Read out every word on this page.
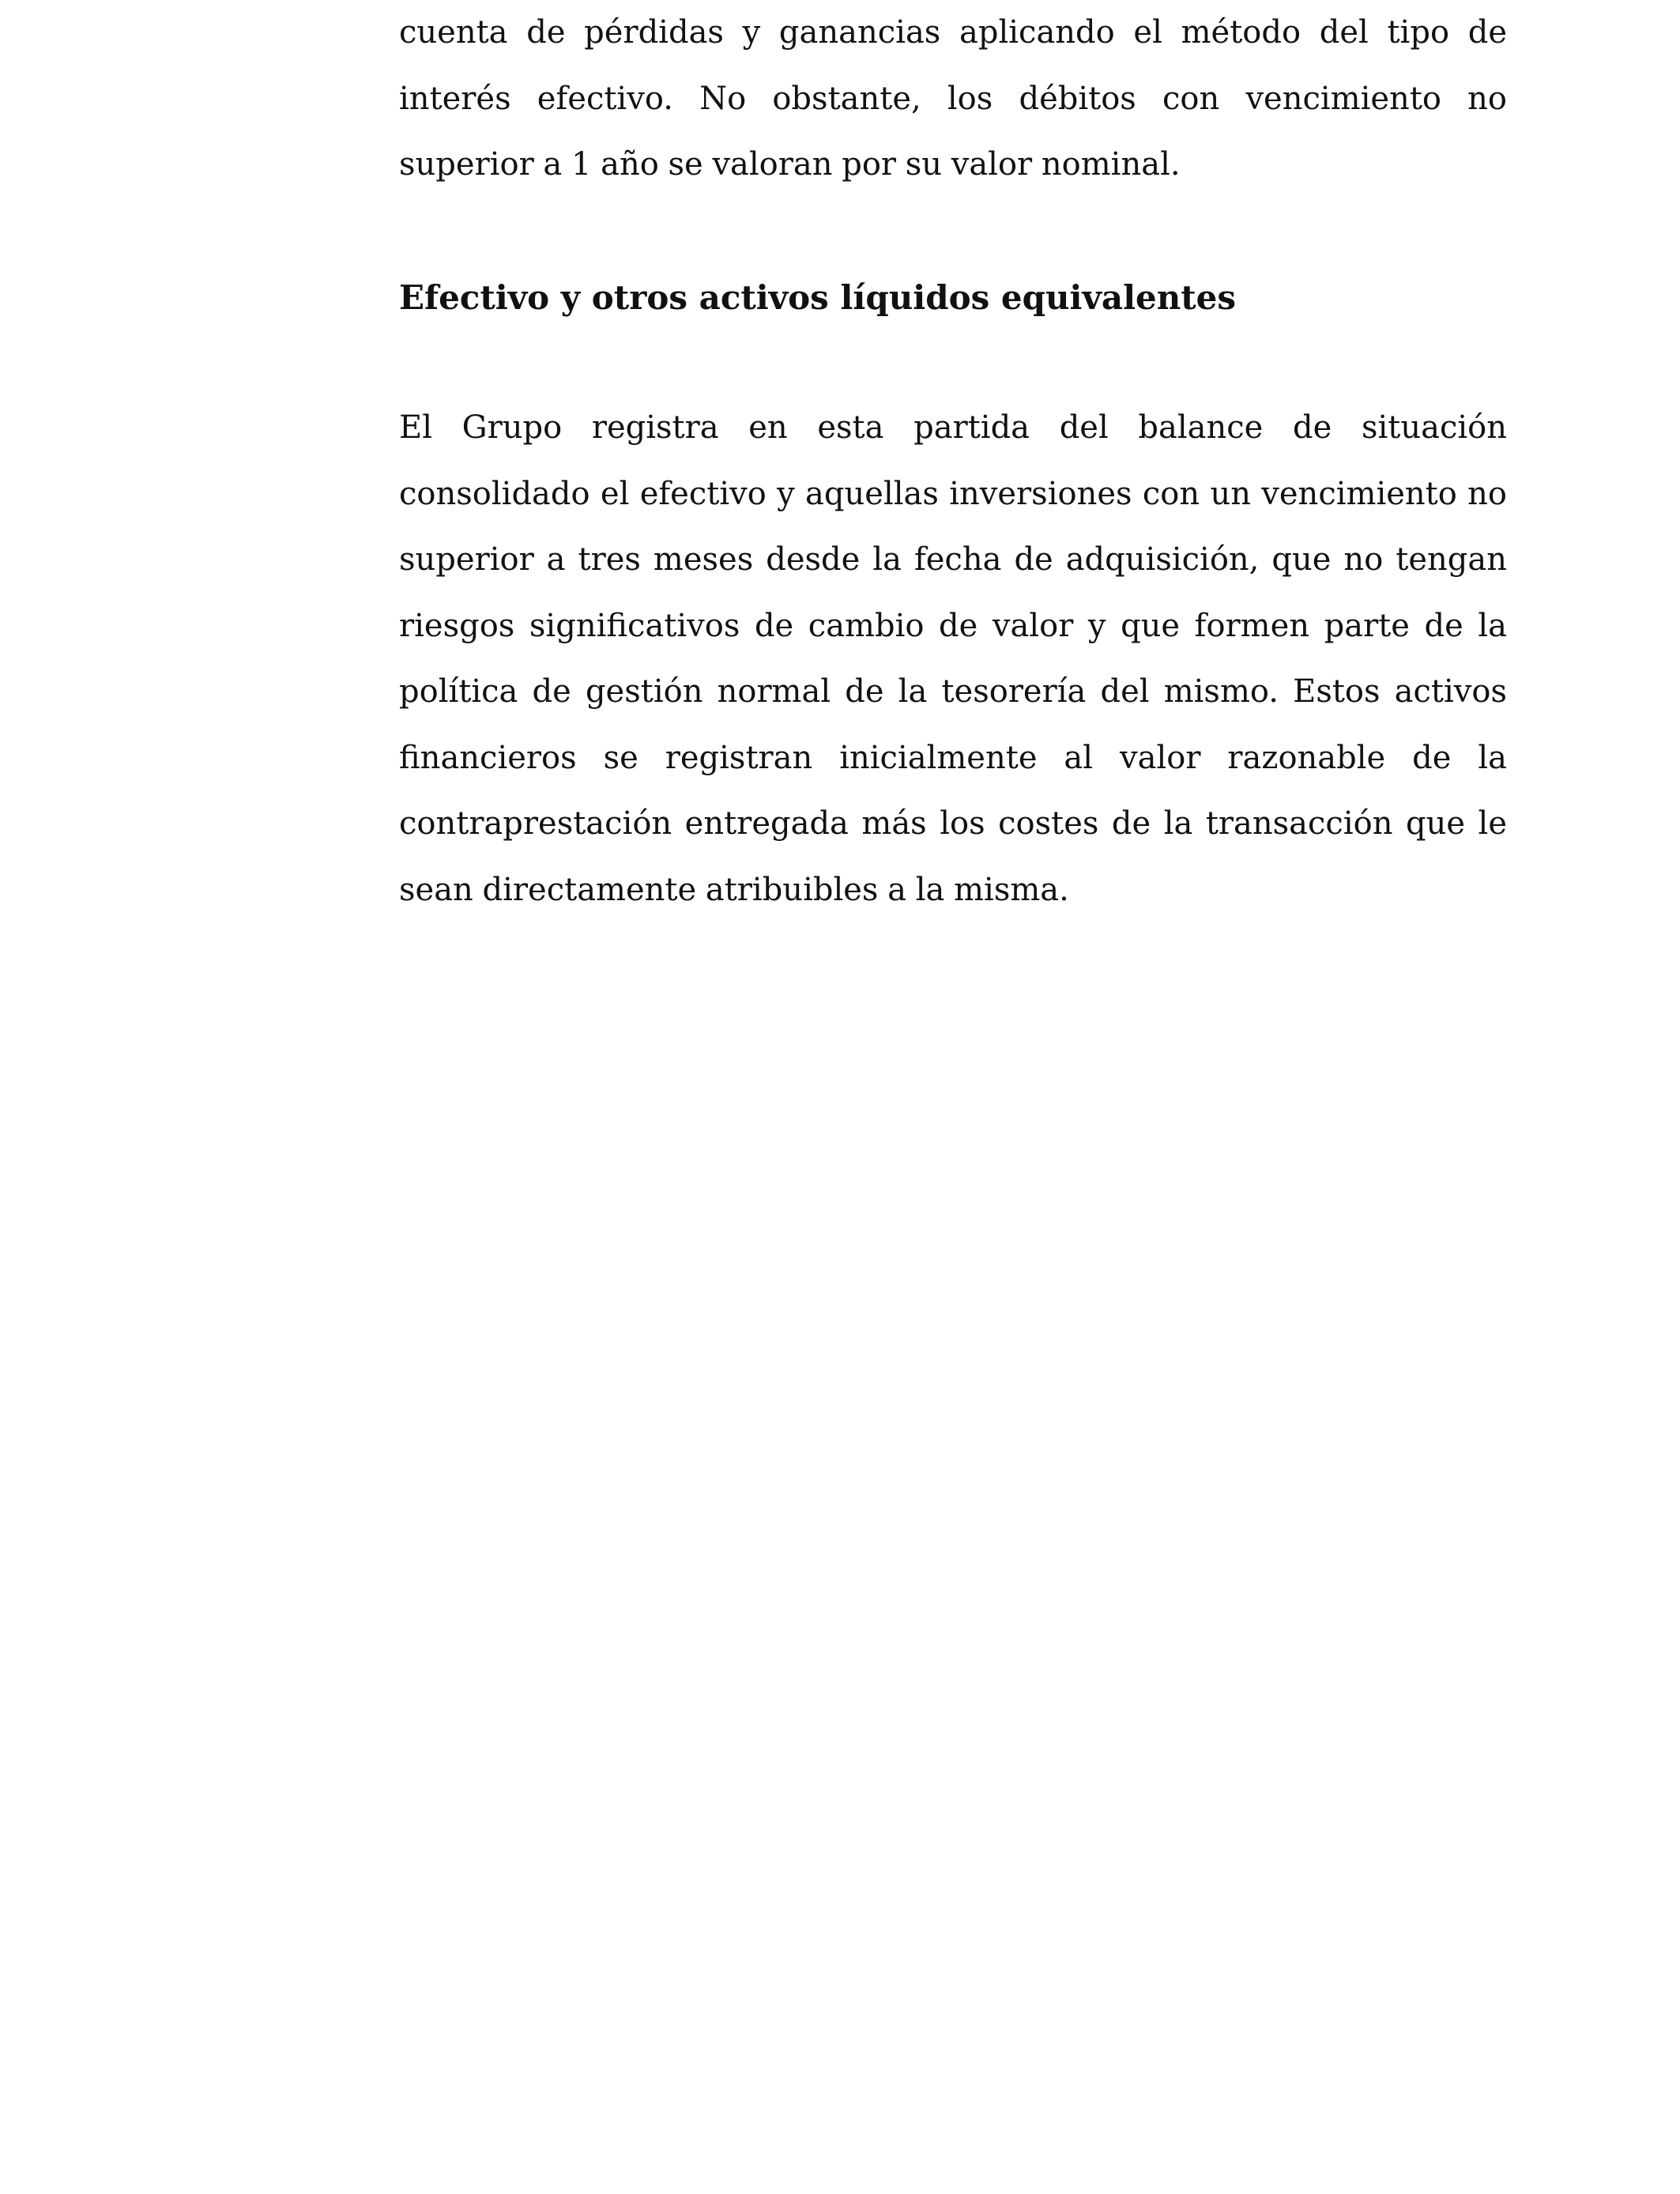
cuenta de pérdidas y ganancias aplicando el método del tipo de interés efectivo. No obstante, los débitos con vencimiento no superior a 1 año se valoran por su valor nominal.

Efectivo y otros activos líquidos equivalentes

El Grupo registra en esta partida del balance de situación consolidado el efectivo y aquellas inversiones con un vencimiento no superior a tres meses desde la fecha de adquisición, que no tengan riesgos significativos de cambio de valor y que formen parte de la política de gestión normal de la tesorería del mismo. Estos activos financieros se registran inicialmente al valor razonable de la contraprestación entregada más los costes de la transacción que le sean directamente atribuibles a la misma.
